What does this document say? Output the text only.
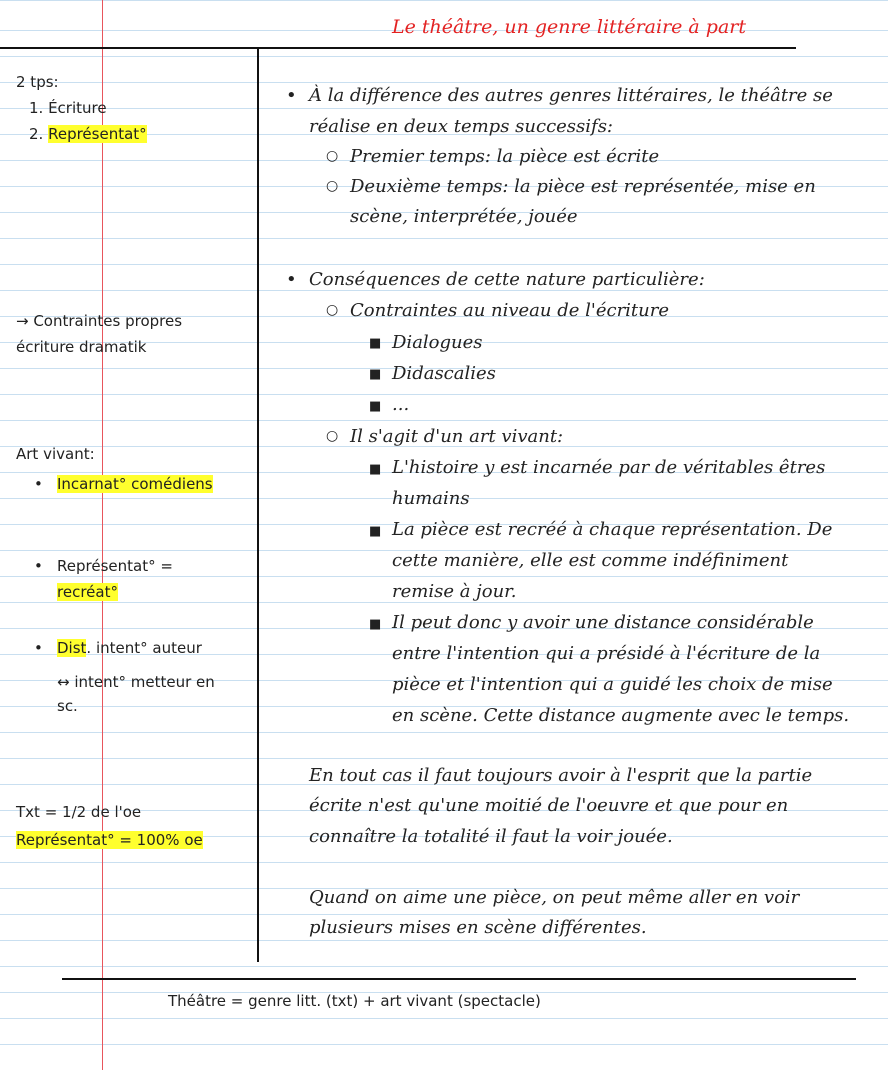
Le théâtre, un genre littéraire à part
2 tps:
1. Écriture
2. Représentat°
→ Contraintes propres
écriture dramatik
Art vivant:
• Incarnat° comédiens
• Représentat° =
recréat°
• Dist. intent° auteur
↔ intent° metteur en
sc.
Txt = 1/2 de l'oe
Représentat° = 100% oe
• À la différence des autres genres littéraires, le théâtre se
réalise en deux temps successifs:
○ Premier temps: la pièce est écrite
○ Deuxième temps: la pièce est représentée, mise en
scène, interprétée, jouée
• Conséquences de cette nature particulière:
○ Contraintes au niveau de l'écriture
■ Dialogues
■ Didascalies
■ ...
○ Il s'agit d'un art vivant:
■ L'histoire y est incarnée par de véritables êtres
humains
■ La pièce est recréé à chaque représentation. De
cette manière, elle est comme indéfiniment
remise à jour.
■ Il peut donc y avoir une distance considérable
entre l'intention qui a présidé à l'écriture de la
pièce et l'intention qui a guidé les choix de mise
en scène. Cette distance augmente avec le temps.
En tout cas il faut toujours avoir à l'esprit que la partie
écrite n'est qu'une moitié de l'oeuvre et que pour en
connaître la totalité il faut la voir jouée.
Quand on aime une pièce, on peut même aller en voir
plusieurs mises en scène différentes.
Théâtre = genre litt. (txt) + art vivant (spectacle)
